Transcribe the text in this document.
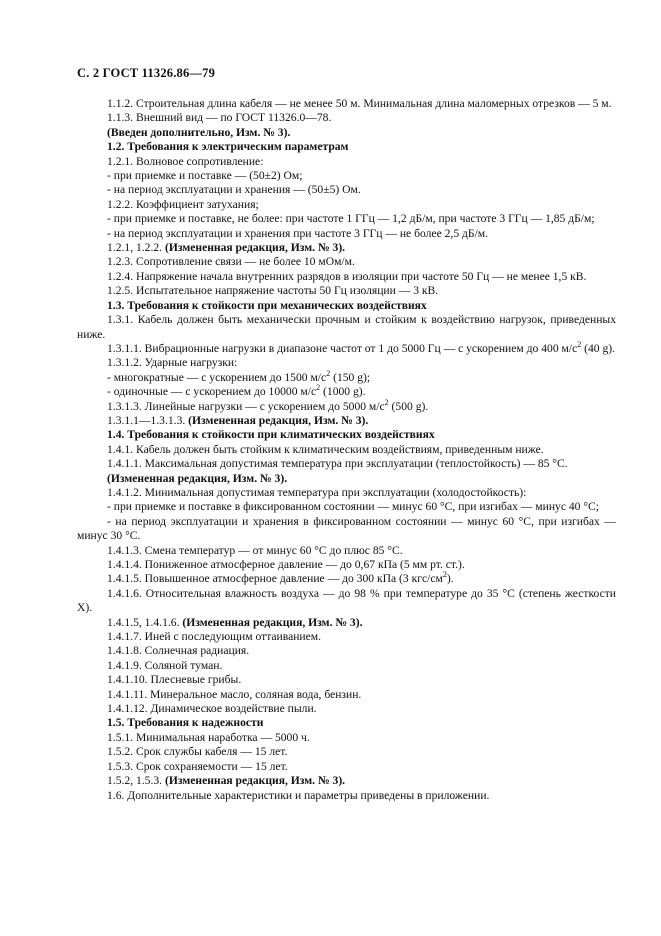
С. 2 ГОСТ 11326.86—79

1.1.2. Строительная длина кабеля — не менее 50 м. Минимальная длина маломерных отрезков — 5 м.

1.1.3. Внешний вид — по ГОСТ 11326.0—78.

(Введен дополнительно, Изм. № 3).

1.2. Требования к электрическим параметрам

1.2.1. Волновое сопротивление:

- при приемке и поставке — (50±2) Ом;

- на период эксплуатации и хранения — (50±5) Ом.

1.2.2. Коэффициент затухания;

- при приемке и поставке, не более: при частоте 1 ГГц — 1,2 дБ/м, при частоте 3 ГГц — 1,85 дБ/м;

- на период эксплуатации и хранения при частоте 3 ГГц — не более 2,5 дБ/м.

1.2.1, 1.2.2. (Измененная редакция, Изм. № 3).

1.2.3. Сопротивление связи — не более 10 мОм/м.

1.2.4. Напряжение начала внутренних разрядов в изоляции при частоте 50 Гц — не менее 1,5 кВ.

1.2.5. Испытательное напряжение частоты 50 Гц изоляции — 3 кВ.

1.3. Требования к стойкости при механических воздействиях

1.3.1. Кабель должен быть механически прочным и стойким к воздействию нагрузок, приведенных ниже.

1.3.1.1. Вибрационные нагрузки в диапазоне частот от 1 до 5000 Гц — с ускорением до 400 $м/с^2$ (40 g).

1.3.1.2. Ударные нагрузки:

- многократные — с ускорением до 1500 $м/с^2$ (150 g);

- одиночные — с ускорением до 10000 $м/с^2$ (1000 g).

1.3.1.3. Линейные нагрузки — с ускорением до 5000 $м/с^2$ (500 g).

1.3.1.1—1.3.1.3. (Измененная редакция, Изм. № 3).

1.4. Требования к стойкости при климатических воздействиях

1.4.1. Кабель должен быть стойким к климатическим воздействиям, приведенным ниже.

1.4.1.1. Максимальная допустимая температура при эксплуатации (теплостойкость) — 85 °С.

(Измененная редакция, Изм. № 3).

1.4.1.2. Минимальная допустимая температура при эксплуатации (холодостойкость):

- при приемке и поставке в фиксированном состоянии — минус 60 °С, при изгибах — минус 40 °С;

- на период эксплуатации и хранения в фиксированном состоянии — минус 60 °С, при изгибах — минус 30 °С.

1.4.1.3. Смена температур — от минус 60 °С до плюс 85 °С.

1.4.1.4. Пониженное атмосферное давление — до 0,67 кПа (5 мм рт. ст.).

1.4.1.5. Повышенное атмосферное давление — до 300 кПа (3 кгс/$см^2$).

1.4.1.6. Относительная влажность воздуха — до 98 % при температуре до 35 °С (степень жесткости X).

1.4.1.5, 1.4.1.6. (Измененная редакция, Изм. № 3).

1.4.1.7. Иней с последующим оттаиванием.

1.4.1.8. Солнечная радиация.

1.4.1.9. Соляной туман.

1.4.1.10. Плесневые грибы.

1.4.1.11. Минеральное масло, соляная вода, бензин.

1.4.1.12. Динамическое воздействие пыли.

1.5. Требования к надежности

1.5.1. Минимальная наработка — 5000 ч.

1.5.2. Срок службы кабеля — 15 лет.

1.5.3. Срок сохраняемости — 15 лет.

1.5.2, 1.5.3. (Измененная редакция, Изм. № 3).

1.6. Дополнительные характеристики и параметры приведены в приложении.
